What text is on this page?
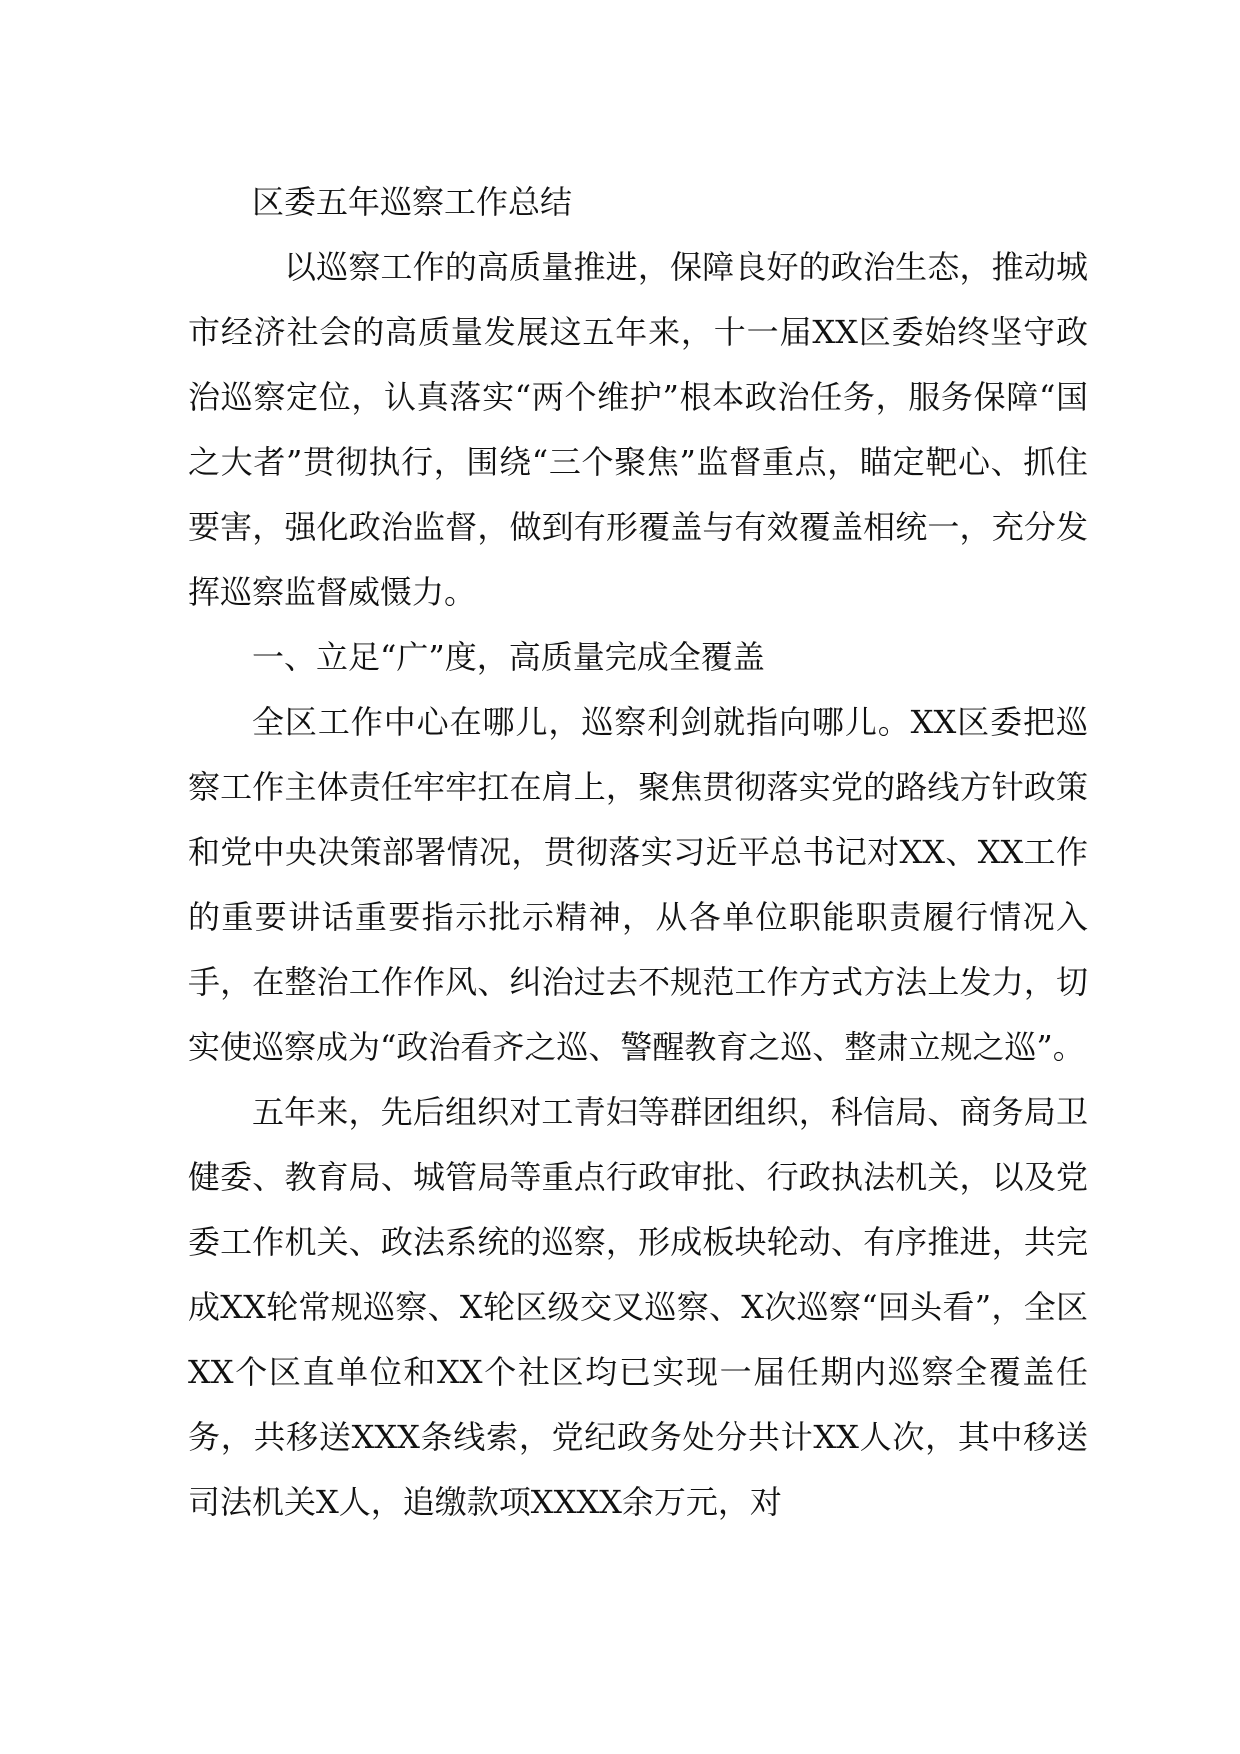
区委五年巡察工作总结

以巡察工作的高质量推进，保障良好的政治生态，推动城市经济社会的高质量发展这五年来，十一届XX区委始终坚守政治巡察定位，认真落实“两个维护”根本政治任务，服务保障“国之大者”贯彻执行，围绕“三个聚焦”监督重点，瞄定靶心、抓住要害，强化政治监督，做到有形覆盖与有效覆盖相统一，充分发挥巡察监督威慑力。

一、立足“广”度，高质量完成全覆盖

全区工作中心在哪儿，巡察利剑就指向哪儿。XX区委把巡察工作主体责任牢牢扛在肩上，聚焦贯彻落实党的路线方针政策和党中央决策部署情况，贯彻落实习近平总书记对XX、XX工作的重要讲话重要指示批示精神，从各单位职能职责履行情况入手，在整治工作作风、纠治过去不规范工作方式方法上发力，切实使巡察成为“政治看齐之巡、警醒教育之巡、整肃立规之巡”。

五年来，先后组织对工青妇等群团组织，科信局、商务局卫健委、教育局、城管局等重点行政审批、行政执法机关，以及党委工作机关、政法系统的巡察，形成板块轮动、有序推进，共完成XX轮常规巡察、X轮区级交叉巡察、X次巡察“回头看”，全区XX个区直单位和XX个社区均已实现一届任期内巡察全覆盖任务，共移送XXX条线索，党纪政务处分共计XX人次，其中移送司法机关X人，追缴款项XXXX余万元，对
